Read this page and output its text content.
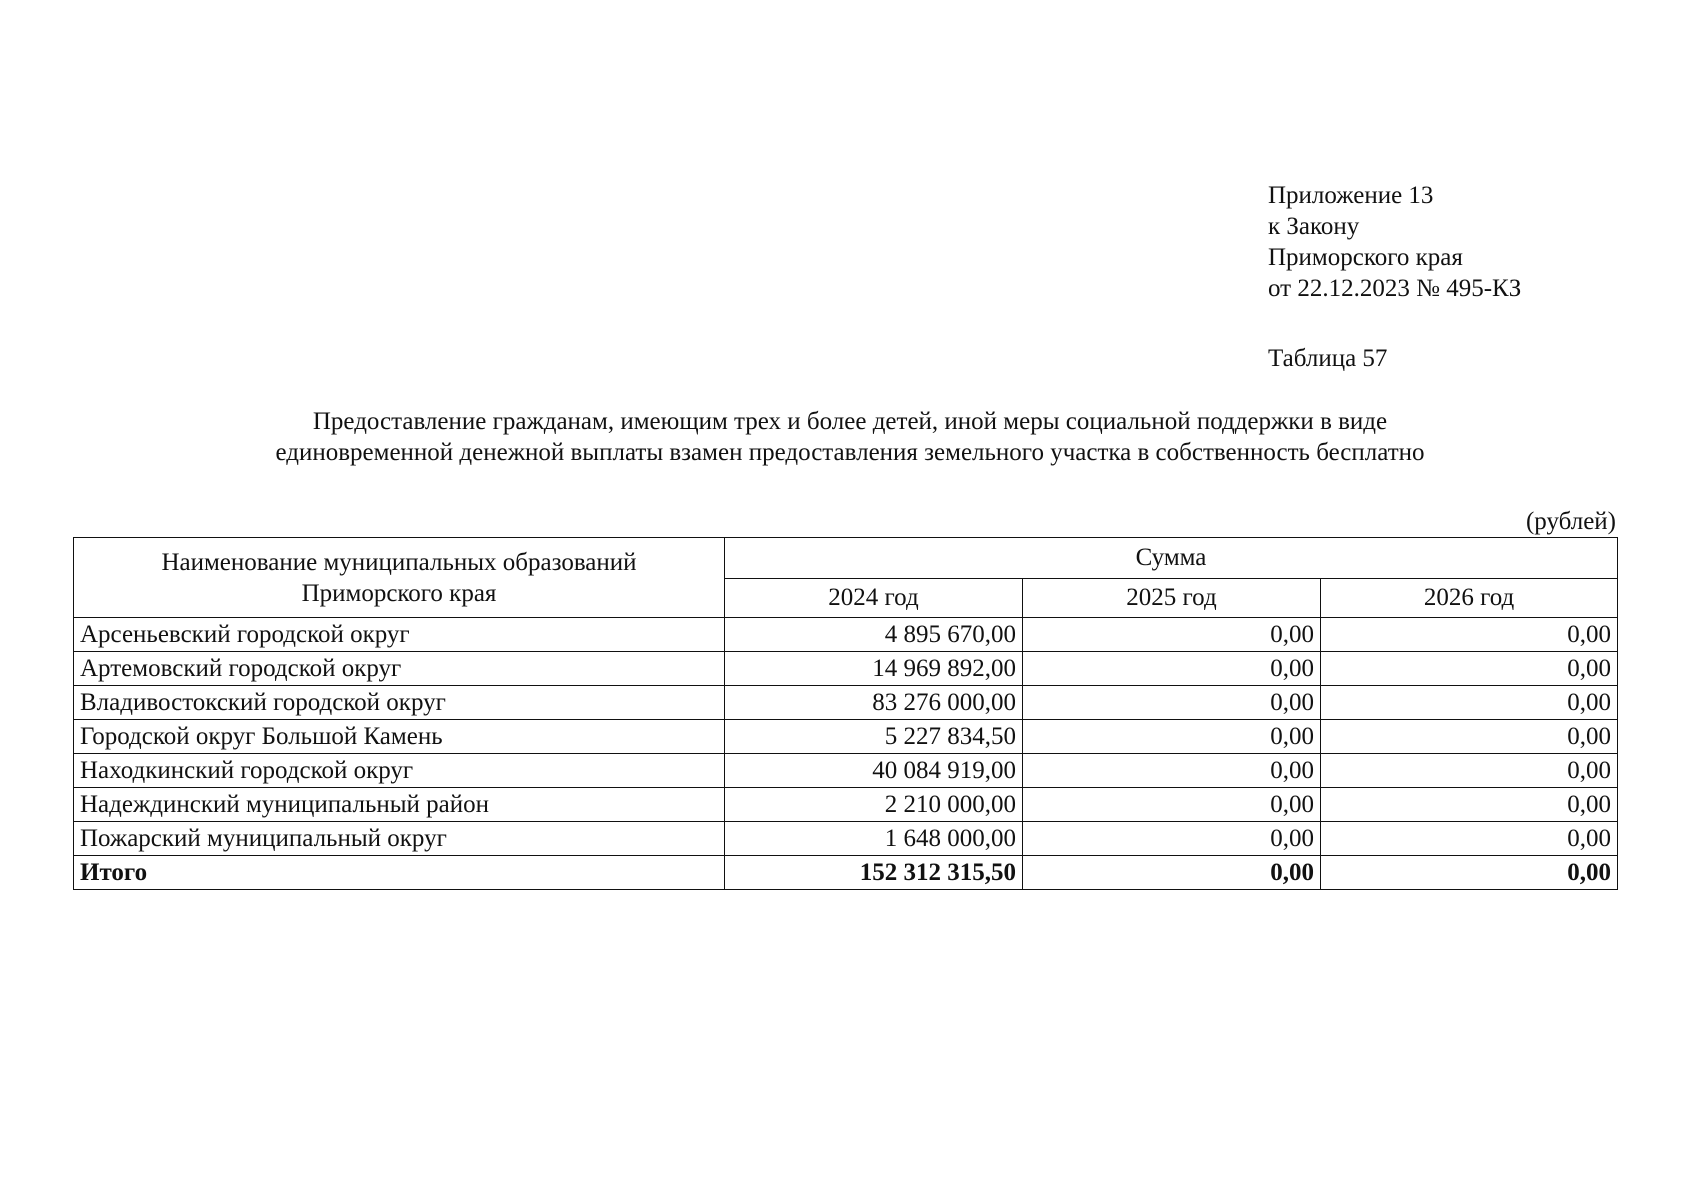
Приложение 13
к Закону
Приморского края
от 22.12.2023 № 495-КЗ
Таблица 57
Предоставление гражданам, имеющим трех и более детей, иной меры социальной поддержки в виде
единовременной денежной выплаты взамен предоставления земельного участка в собственность бесплатно
(рублей)
Наименование муниципальных образований
Приморского края	Сумма		
	2024 год	2025 год	2026 год
Арсеньевский городской округ	4 895 670,00	0,00	0,00
Артемовский городской округ	14 969 892,00	0,00	0,00
Владивостокский городской округ	83 276 000,00	0,00	0,00
Городской округ Большой Камень	5 227 834,50	0,00	0,00
Находкинский городской округ	40 084 919,00	0,00	0,00
Надеждинский муниципальный район	2 210 000,00	0,00	0,00
Пожарский муниципальный округ	1 648 000,00	0,00	0,00
Итого	152 312 315,50	0,00	0,00
